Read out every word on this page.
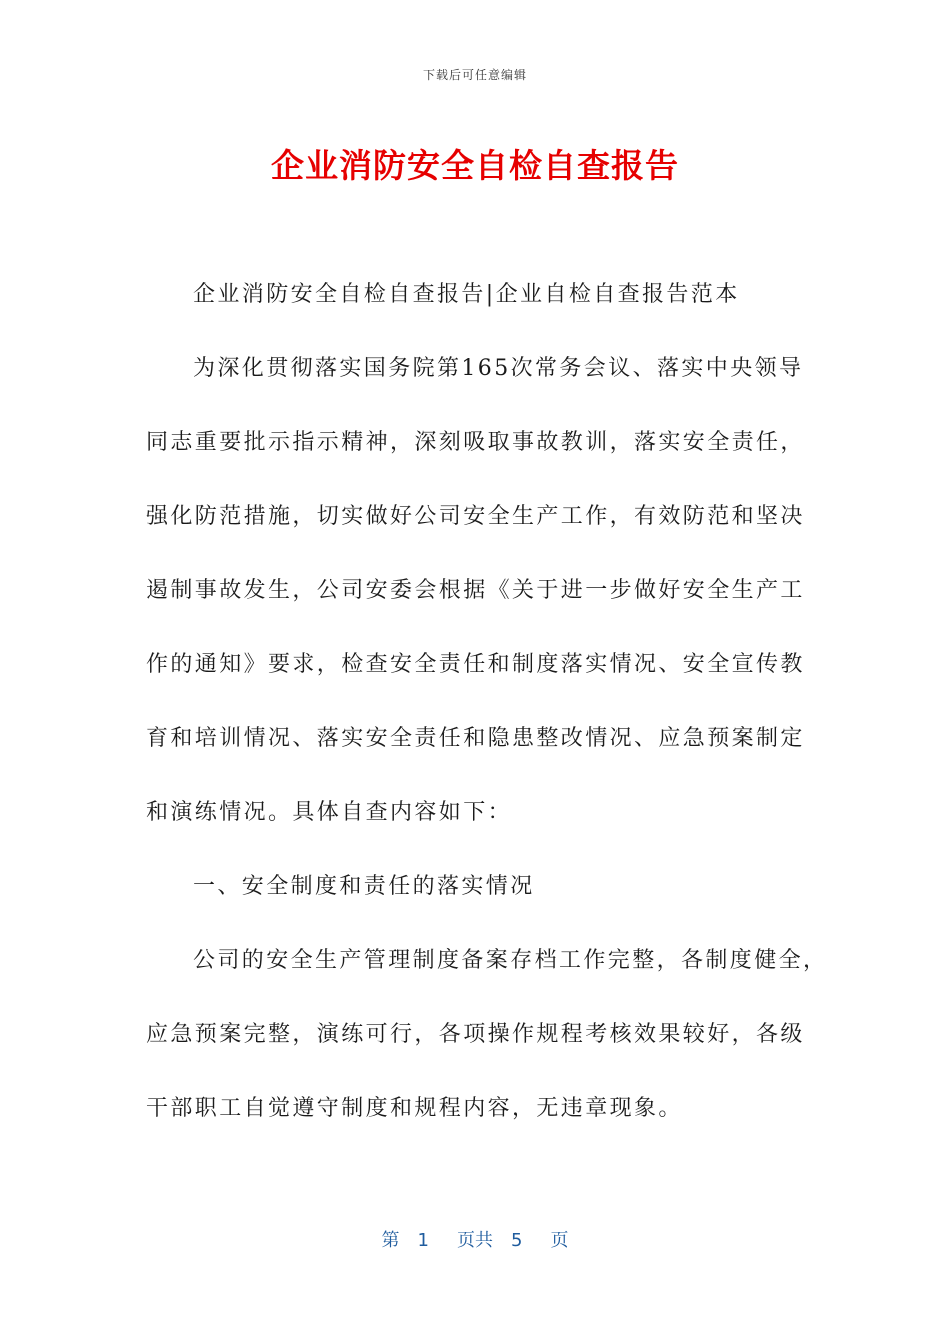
下载后可任意编辑
企业消防安全自检自查报告
企业消防安全自检自查报告|企业自检自查报告范本
为深化贯彻落实国务院第165次常务会议、落实中央领导
同志重要批示指示精神，深刻吸取事故教训，落实安全责任，
强化防范措施，切实做好公司安全生产工作，有效防范和坚决
遏制事故发生，公司安委会根据《关于进一步做好安全生产工
作的通知》要求，检查安全责任和制度落实情况、安全宣传教
育和培训情况、落实安全责任和隐患整改情况、应急预案制定
和演练情况。具体自查内容如下：
一、安全制度和责任的落实情况
公司的安全生产管理制度备案存档工作完整，各制度健全，
应急预案完整，演练可行，各项操作规程考核效果较好，各级
干部职工自觉遵守制度和规程内容，无违章现象。
第 1 页共 5 页
